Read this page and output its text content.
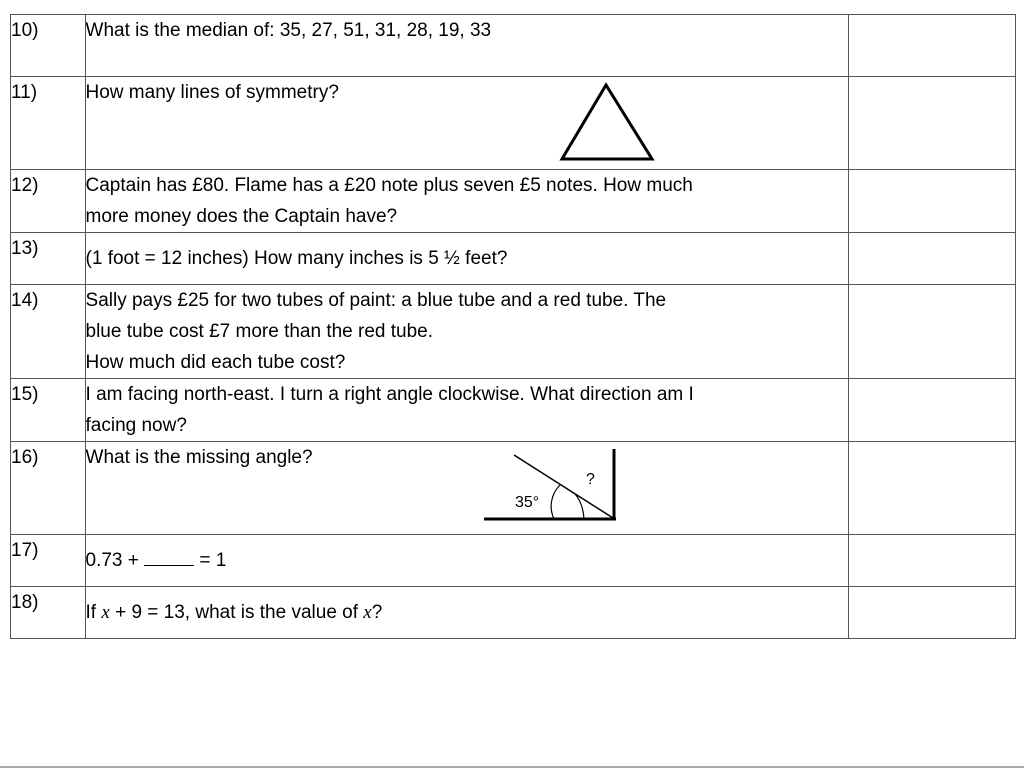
10)	What is the median of: 35, 27, 51, 31, 28, 19, 33	

11)	How many lines of symmetry?	

12)	Captain has £80. Flame has a £20 note plus seven £5 notes. How much
more money does the Captain have?	

13)	(1 foot = 12 inches) How many inches is 5 ½ feet?	

14)	Sally pays £25 for two tubes of paint: a blue tube and a red tube. The
blue tube cost £7 more than the red tube.
How much did each tube cost?	

15)	I am facing north-east. I turn a right angle clockwise. What direction am I
facing now?	

16)	What is the missing angle?
35°
?	

17)	0.73 + = 1	

18)	If x + 9 = 13, what is the value of x?	
